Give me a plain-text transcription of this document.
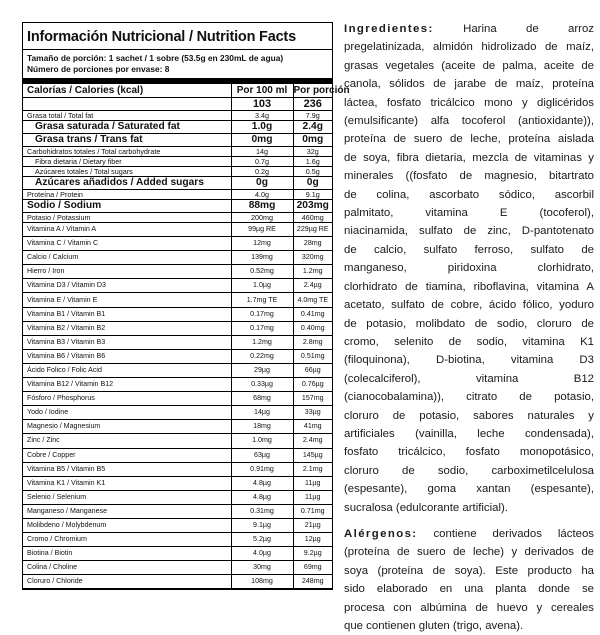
Información Nutricional / Nutrition Facts
Tamaño de porción: 1 sachet / 1 sobre (53.5g en 230mL de agua)
Número de porciones por envase: 8
Calorías / Calories (kcal)	Por 100 ml	Por porción
	103	236
Grasa total / Total fat	3.4g	7.9g
Grasa saturada / Saturated fat	1.0g	2.4g
Grasa trans / Trans fat	0mg	0mg
Carbohidratos totales / Total carbohydrate	14g	32g
Fibra dietaria / Dietary fiber	0.7g	1.6g
Azúcares totales / Total sugars	0.2g	0.5g
Azúcares añadidos / Added sugars	0g	0g
Proteína / Protein	4.0g	9.1g
Sodio / Sodium	88mg	203mg
Potasio / Potassium	200mg	460mg
Vitamina A / Vitamin A	99µg RE	229µg RE
Vitamina C / Vitamin C	12mg	28mg
Calcio / Calcium	139mg	320mg
Hierro / Iron	0.52mg	1.2mg
Vitamina D3 / Vitamin D3	1.0µg	2.4µg
Vitamina E / Vitamin E	1.7mg TE	4.0mg TE
Vitamina B1 / Vitamin B1	0.17mg	0.41mg
Vitamina B2 / Vitamin B2	0.17mg	0.40mg
Vitamina B3 / Vitamin B3	1.2mg	2.8mg
Vitamina B6 / Vitamin B6	0.22mg	0.51mg
Ácido Folico / Folic Acid	29µg	66µg
Vitamina B12 / Vitamin B12	0.33µg	0.76µg
Fósforo / Phosphorus	68mg	157mg
Yodo / Iodine	14µg	33µg
Magnesio / Magnesium	18mg	41mg
Zinc / Zinc	1.0mg	2.4mg
Cobre / Copper	63µg	145µg
Vitamina B5 / Vitamin B5	0.91mg	2.1mg
Vitamina K1 / Vitamin K1	4.8µg	11µg
Selenio / Selenium	4.8µg	11µg
Manganeso / Manganese	0.31mg	0.71mg
Molibdeno / Molybdenum	9.1µg	21µg
Cromo / Chromium	5.2µg	12µg
Biotina / Biotin	4.0µg	9.2µg
Colina / Choline	30mg	69mg
Cloruro / Chloride	108mg	248mg

Ingredientes: Harina de arroz
pregelatinizada, almidón hidrolizado de maíz,
grasas vegetales (aceite de palma, aceite de
canola, sólidos de jarabe de maíz, proteína
láctea, fosfato tricálcico mono y diglicéridos
(emulsificante) alfa tocoferol (antioxidante)),
proteína de suero de leche, proteína aislada
de soya, fibra dietaria, mezcla de vitaminas y
minerales ((fosfato de magnesio, bitartrato
de colina, ascorbato sódico, ascorbil
palmitato, vitamina E (tocoferol),
niacinamida, sulfato de zinc, D-pantotenato
de calcio, sulfato ferroso, sulfato de
manganeso, piridoxina clorhidrato,
clorhidrato de tiamina, riboflavina, vitamina A
acetato, sulfato de cobre, ácido fólico, yoduro
de potasio, molibdato de sodio, cloruro de
cromo, selenito de sodio, vitamina K1
(filoquinona), D-biotina, vitamina D3
(colecalciferol), vitamina B12
(cianocobalamina)), citrato de potasio,
cloruro de potasio, sabores naturales y
artificiales (vainilla, leche condensada),
fosfato tricálcico, fosfato monopotásico,
cloruro de sodio, carboximetilcelulosa
(espesante), goma xantan (espesante),
sucralosa (edulcorante artificial).

Alérgenos: contiene derivados lácteos
(proteína de suero de leche) y derivados de
soya (proteína de soya). Este producto ha
sido elaborado en una planta donde se
procesa con albúmina de huevo y cereales
que contienen gluten (trigo, avena).
